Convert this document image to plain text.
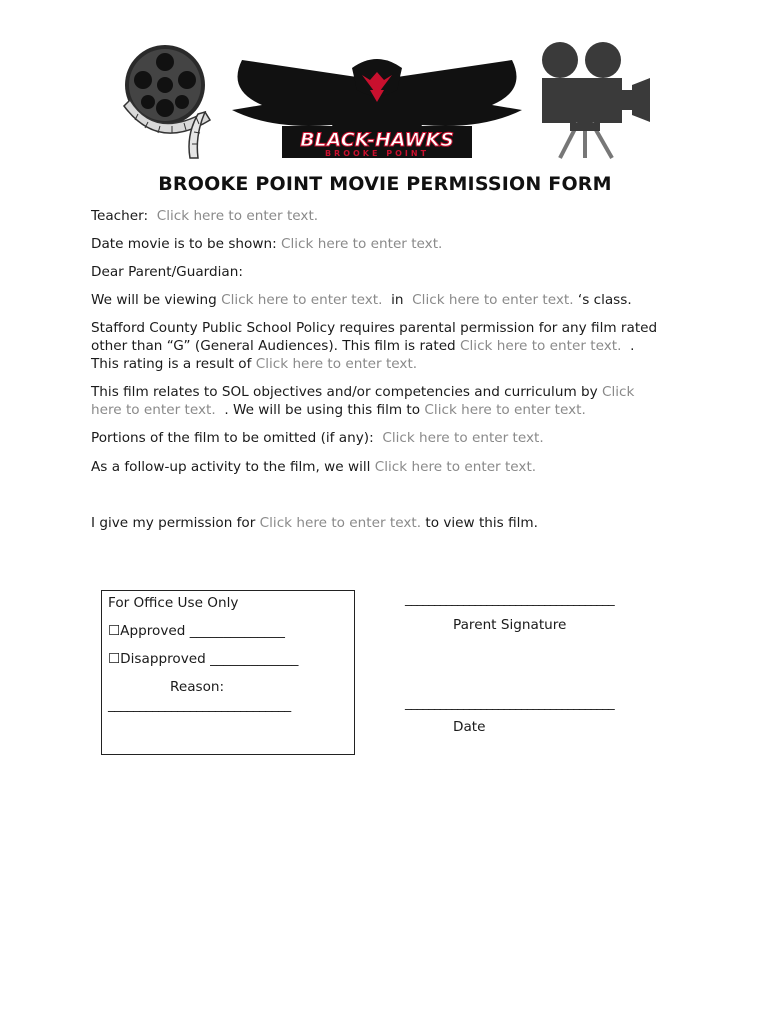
BLACK-HAWKS
BROOKE POINT
BROOKE POINT MOVIE PERMISSION FORM
Teacher: Click here to enter text.
Date movie is to be shown: Click here to enter text.
Dear Parent/Guardian:
We will be viewing Click here to enter text. in Click here to enter text. ‘s class.
Stafford County Public School Policy requires parental permission for any film rated
other than “G” (General Audiences). This film is rated Click here to enter text. .
This rating is a result of Click here to enter text.
This film relates to SOL objectives and/or competencies and curriculum by Click
here to enter text. . We will be using this film to Click here to enter text.
Portions of the film to be omitted (if any): Click here to enter text.
As a follow-up activity to the film, we will Click here to enter text.
I give my permission for Click here to enter text. to view this film.
For Office Use Only
☐Approved ______________
☐Disapproved _____________
Reason:
_____________________________
____________________________________
Parent Signature
____________________________________
Date
